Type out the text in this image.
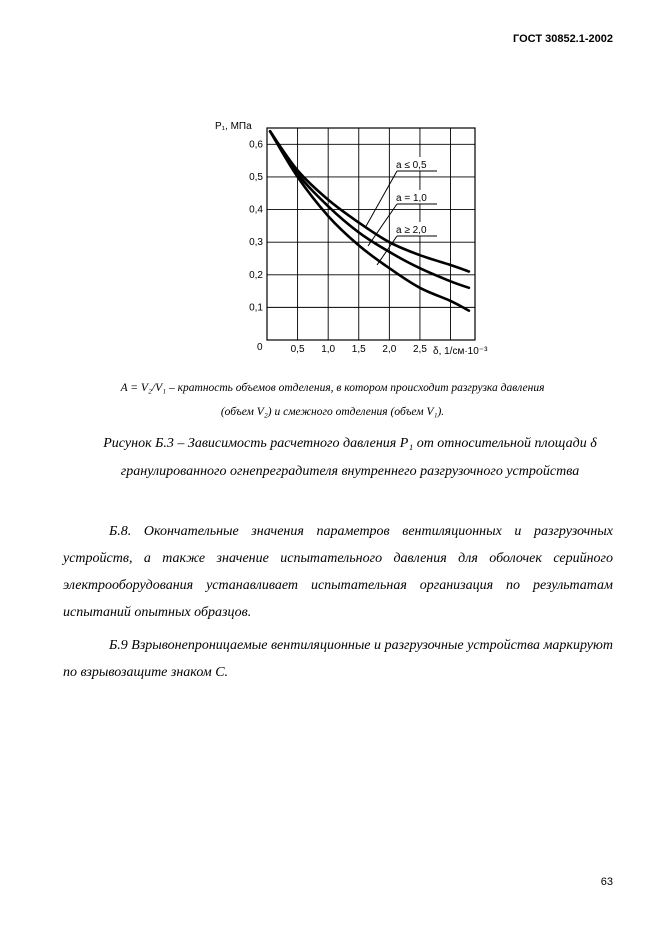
ГОСТ 30852.1-2002
0,5 1,0 1,5 2,0 2,5
0,6
0,5
0,4
0,3
0,2
0,1
a ≤ 0,5
a = 1,0
a ≥ 2,0
P₁, МПа
δ, 1/см·10⁻³
0
A = V₂/V₁ – кратность объемов отделения, в котором происходит разгрузка давления
(объем V₂) и смежного отделения (объем V₁).
Рисунок Б.3 – Зависимость расчетного давления P₁ от относительной площади δ гранулированного огнепреградителя внутреннего разгрузочного устройства
Б.8. Окончательные значения параметров вентиляционных и разгрузочных устройств, а также значение испытательного давления для оболочек серийного электрооборудования устанавливает испытательная организация по результатам испытаний опытных образцов.
Б.9 Взрывонепроницаемые вентиляционные и разгрузочные устройства маркируют по взрывозащите знаком С.
63
